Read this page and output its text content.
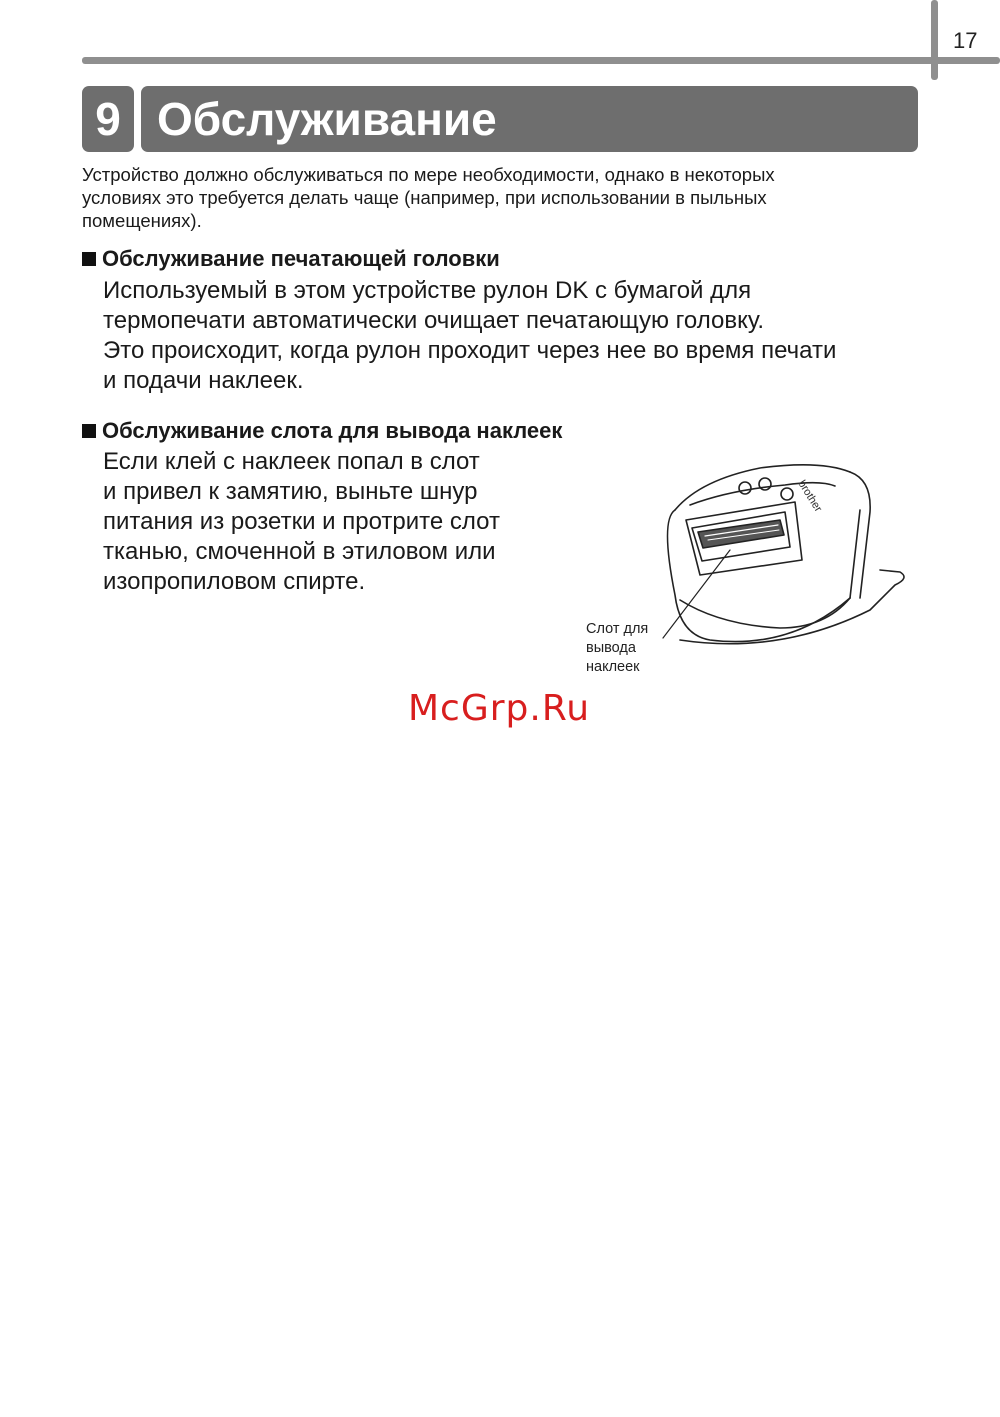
17
9 Обслуживание
Устройство должно обслуживаться по мере необходимости, однако в некоторых
условиях это требуется делать чаще (например, при использовании в пыльных
помещениях).
Обслуживание печатающей головки
Используемый в этом устройстве рулон DK с бумагой для
термопечати автоматически очищает печатающую головку.
Это происходит, когда рулон проходит через нее во время печати
и подачи наклеек.
Обслуживание слота для вывода наклеек
Если клей с наклеек попал в слот
и привел к замятию, выньте шнур
питания из розетки и протрите слот
тканью, смоченной в этиловом или
изопропиловом спирте.
brother
Слот для
вывода
наклеек
McGrp.Ru
